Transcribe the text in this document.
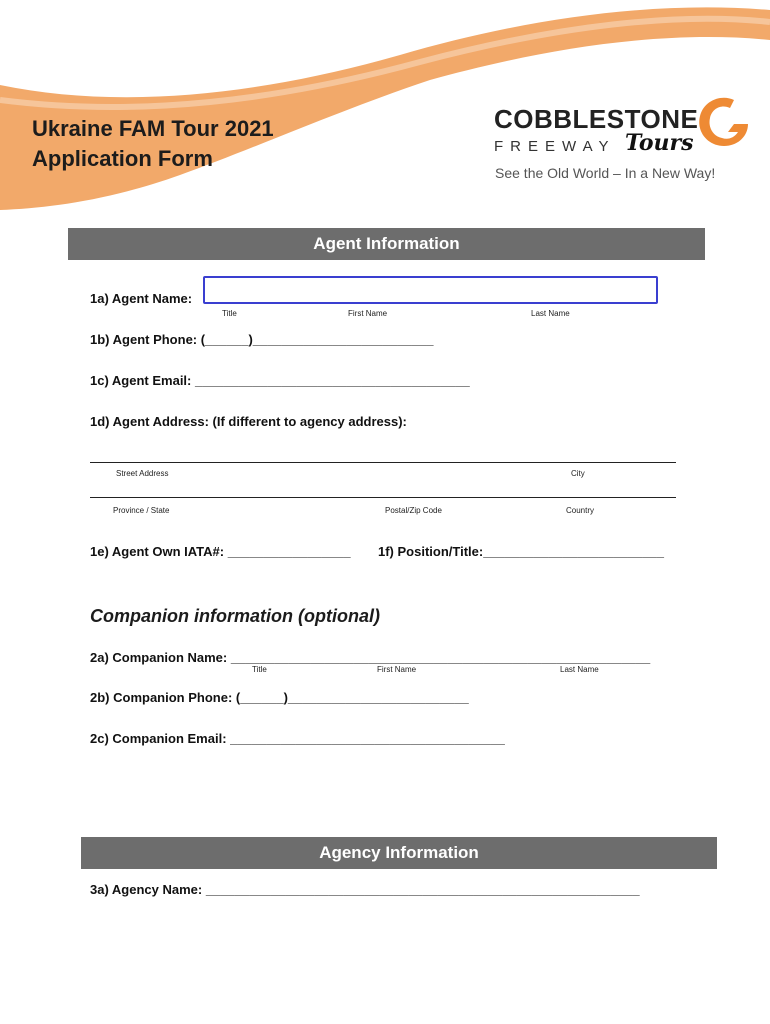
Ukraine FAM Tour 2021
Application Form
COBBLESTONE
FREEWAY Tours
See the Old World – In a New Way!
Agent Information
1a) Agent Name:
Title	First Name	Last Name
1b) Agent Phone: (______)_________________________
1c) Agent Email: ______________________________________
1d) Agent Address: (If different to agency address):
Street Address	City
Province / State	Postal/Zip Code	Country
1e) Agent Own IATA#: _________________ 1f) Position/Title:_________________________
Companion information (optional)
2a) Companion Name: __________________________________________________________
Title	First Name	Last Name
2b) Companion Phone: (______)_________________________
2c) Companion Email: ______________________________________
Agency Information
3a) Agency Name: ____________________________________________________________
